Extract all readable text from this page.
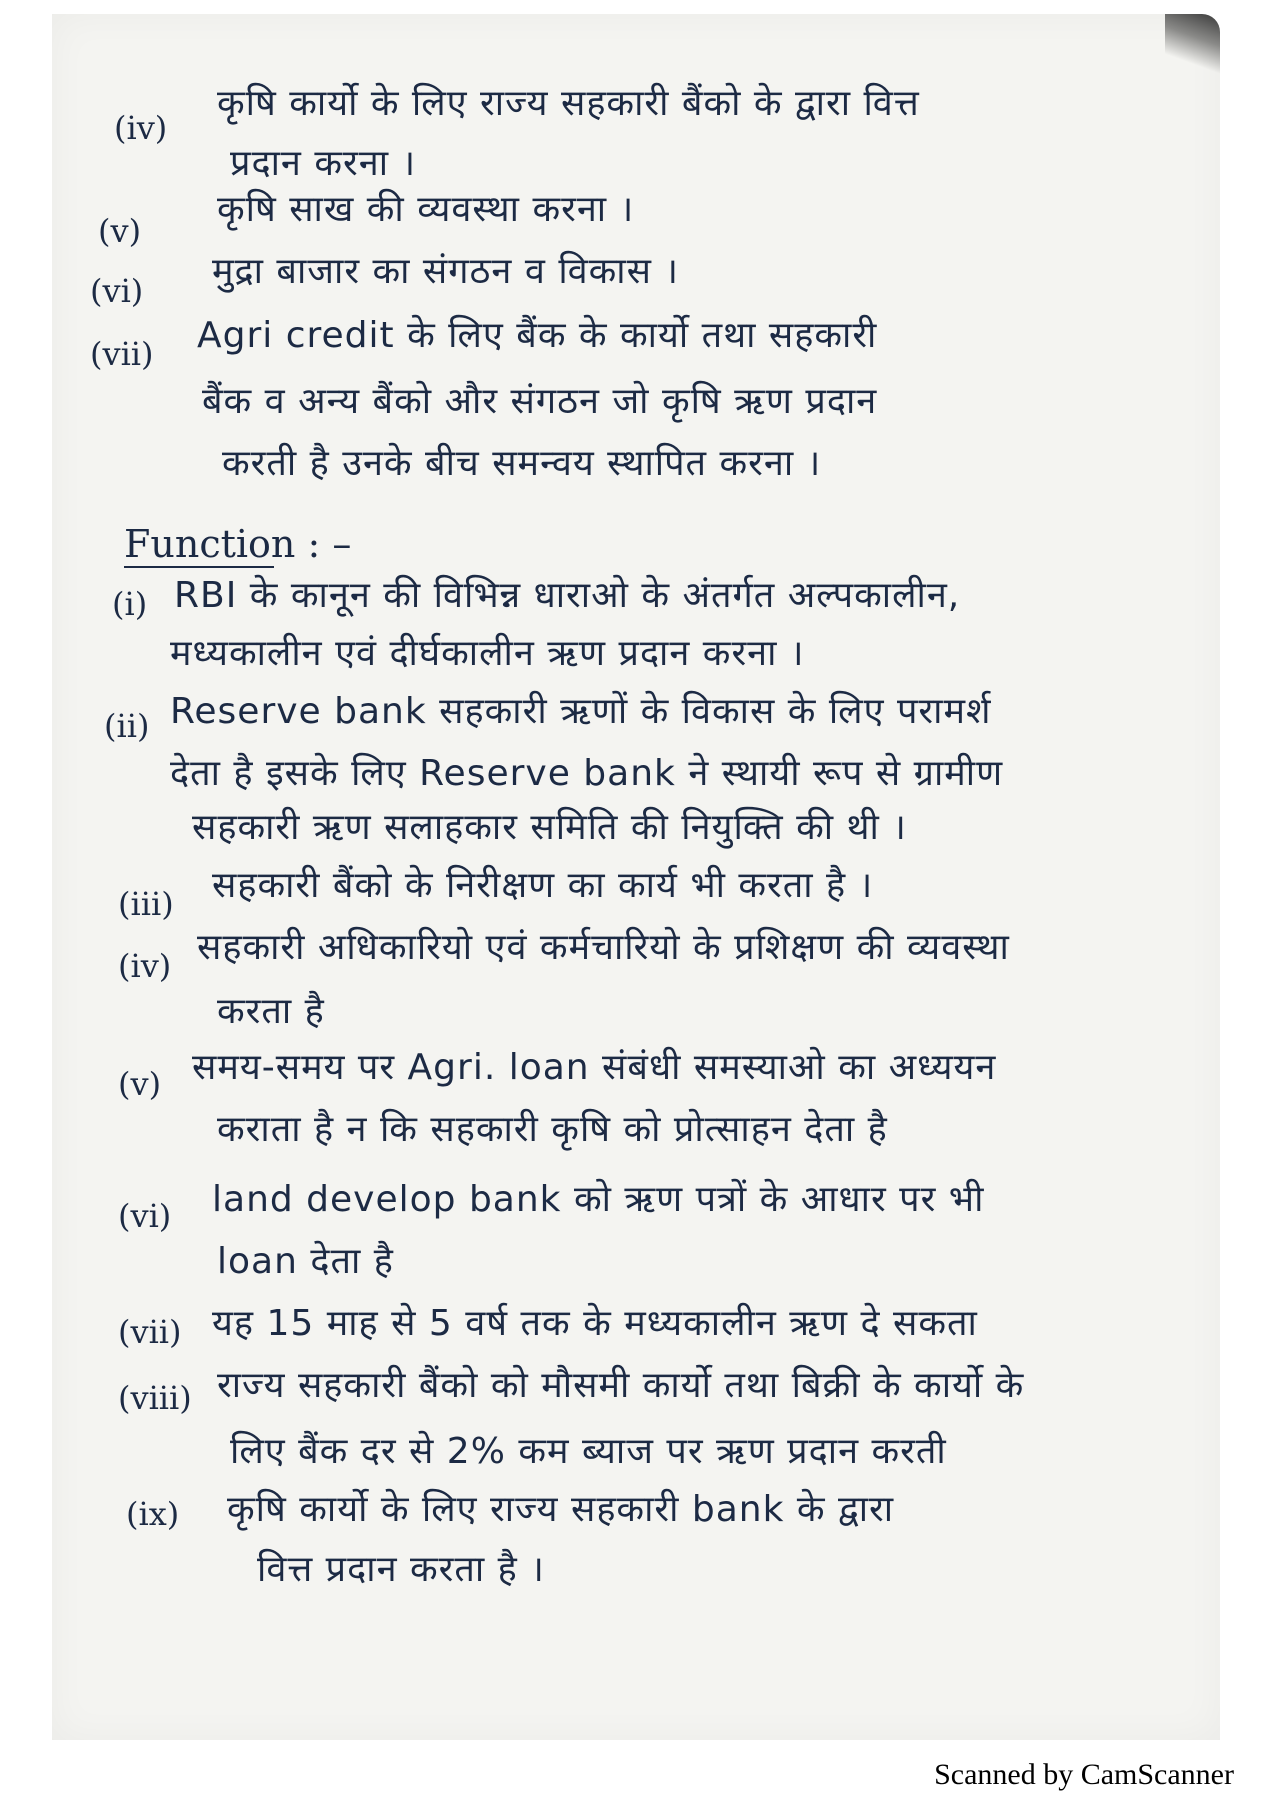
(iv)
कृषि कार्यो के लिए राज्य सहकारी बैंको के द्वारा वित्त
प्रदान करना ।
(v)
कृषि साख की व्यवस्था करना ।
(vi) मुद्रा बाजार का संगठन व विकास ।
(vii) Agri credit के लिए बैंक के कार्यो तथा सहकारी
बैंक व अन्य बैंको और संगठन जो कृषि ऋण प्रदान
करती है उनके बीच समन्वय स्थापित करना ।
Function : –
(i) RBI के कानून की विभिन्न धाराओ के अंतर्गत अल्पकालीन,
मध्यकालीन एवं दीर्घकालीन ऋण प्रदान करना ।
(ii) Reserve bank सहकारी ऋणों के विकास के लिए परामर्श
देता है इसके लिए Reserve bank ने स्थायी रूप से ग्रामीण
सहकारी ऋण सलाहकार समिति की नियुक्ति की थी ।
(iii) सहकारी बैंको के निरीक्षण का कार्य भी करता है ।
(iv) सहकारी अधिकारियो एवं कर्मचारियो के प्रशिक्षण की व्यवस्था
करता है
(v) समय-समय पर Agri. loan संबंधी समस्याओ का अध्ययन
कराता है न कि सहकारी कृषि को प्रोत्साहन देता है
(vi) land develop bank को ऋण पत्रों के आधार पर भी
loan देता है
(vii) यह 15 माह से 5 वर्ष तक के मध्यकालीन ऋण दे सकता
(viii) राज्य सहकारी बैंको को मौसमी कार्यो तथा बिक्री के कार्यो के
लिए बैंक दर से 2% कम ब्याज पर ऋण प्रदान करती
(ix) कृषि कार्यो के लिए राज्य सहकारी bank के द्वारा
वित्त प्रदान करता है ।
Scanned by CamScanner
